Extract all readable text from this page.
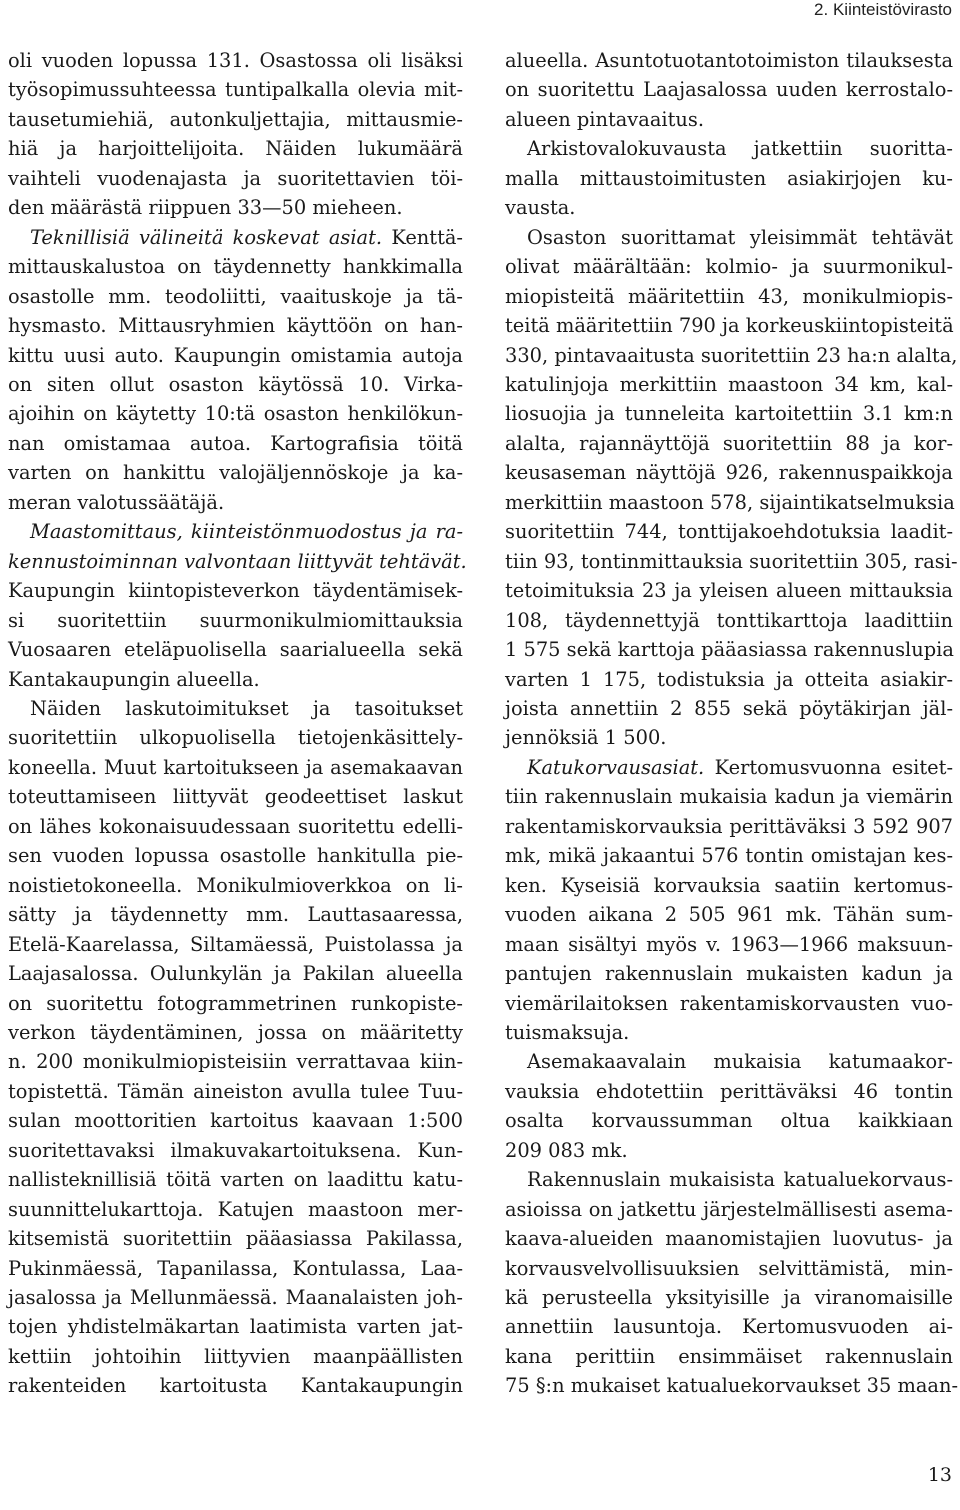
2. Kiinteistövirasto
oli vuoden lopussa 131. Osastossa oli lisäksi
työsopimussuhteessa tuntipalkalla olevia mit-
tausetumiehiä, autonkuljettajia, mittausmie-
hiä ja harjoittelijoita. Näiden lukumäärä
vaihteli vuodenajasta ja suoritettavien töi-
den määrästä riippuen 33—50 mieheen.
Teknillisiä välineitä koskevat asiat. Kenttä-
mittauskalustoa on täydennetty hankkimalla
osastolle mm. teodoliitti, vaaituskoje ja tä-
hysmasto. Mittausryhmien käyttöön on han-
kittu uusi auto. Kaupungin omistamia autoja
on siten ollut osaston käytössä 10. Virka-
ajoihin on käytetty 10:tä osaston henkilökun-
nan omistamaa autoa. Kartografisia töitä
varten on hankittu valojäljennöskoje ja ka-
meran valotussäätäjä.
Maastomittaus, kiinteistönmuodostus ja ra-
kennustoiminnan valvontaan liittyvät tehtävät.
Kaupungin kiintopisteverkon täydentämisek-
si suoritettiin suurmonikulmiomittauksia
Vuosaaren eteläpuolisella saarialueella sekä
Kantakaupungin alueella.
Näiden laskutoimitukset ja tasoitukset
suoritettiin ulkopuolisella tietojenkäsittely-
koneella. Muut kartoitukseen ja asemakaavan
toteuttamiseen liittyvät geodeettiset laskut
on lähes kokonaisuudessaan suoritettu edelli-
sen vuoden lopussa osastolle hankitulla pie-
noistietokoneella. Monikulmioverkkoa on li-
sätty ja täydennetty mm. Lauttasaaressa,
Etelä-Kaarelassa, Siltamäessä, Puistolassa ja
Laajasalossa. Oulunkylän ja Pakilan alueella
on suoritettu fotogrammetrinen runkopiste-
verkon täydentäminen, jossa on määritetty
n. 200 monikulmiopisteisiin verrattavaa kiin-
topistettä. Tämän aineiston avulla tulee Tuu-
sulan moottoritien kartoitus kaavaan 1:500
suoritettavaksi ilmakuvakartoituksena. Kun-
nallisteknillisiä töitä varten on laadittu katu-
suunnittelukarttoja. Katujen maastoon mer-
kitsemistä suoritettiin pääasiassa Pakilassa,
Pukinmäessä, Tapanilassa, Kontulassa, Laa-
jasalossa ja Mellunmäessä. Maanalaisten joh-
tojen yhdistelmäkartan laatimista varten jat-
kettiin johtoihin liittyvien maanpäällisten
rakenteiden kartoitusta Kantakaupungin
alueella. Asuntotuotantotoimiston tilauksesta
on suoritettu Laajasalossa uuden kerrostalo-
alueen pintavaaitus.
Arkistovalokuvausta jatkettiin suoritta-
malla mittaustoimitusten asiakirjojen ku-
vausta.
Osaston suorittamat yleisimmät tehtävät
olivat määrältään: kolmio- ja suurmonikul-
miopisteitä määritettiin 43, monikulmiopis-
teitä määritettiin 790 ja korkeuskiintopisteitä
330, pintavaaitusta suoritettiin 23 ha:n alalta,
katulinjoja merkittiin maastoon 34 km, kal-
liosuojia ja tunneleita kartoitettiin 3.1 km:n
alalta, rajannäyttöjä suoritettiin 88 ja kor-
keusaseman näyttöjä 926, rakennuspaikkoja
merkittiin maastoon 578, sijaintikatselmuksia
suoritettiin 744, tonttijakoehdotuksia laadit-
tiin 93, tontinmittauksia suoritettiin 305, rasi-
tetoimituksia 23 ja yleisen alueen mittauksia
108, täydennettyjä tonttikarttoja laadittiin
1 575 sekä karttoja pääasiassa rakennuslupia
varten 1 175, todistuksia ja otteita asiakir-
joista annettiin 2 855 sekä pöytäkirjan jäl-
jennöksiä 1 500.
Katukorvausasiat. Kertomusvuonna esitet-
tiin rakennuslain mukaisia kadun ja viemärin
rakentamiskorvauksia perittäväksi 3 592 907
mk, mikä jakaantui 576 tontin omistajan kes-
ken. Kyseisiä korvauksia saatiin kertomus-
vuoden aikana 2 505 961 mk. Tähän sum-
maan sisältyi myös v. 1963—1966 maksuun-
pantujen rakennuslain mukaisten kadun ja
viemärilaitoksen rakentamiskorvausten vuo-
tuismaksuja.
Asemakaavalain mukaisia katumaakor-
vauksia ehdotettiin perittäväksi 46 tontin
osalta korvaussumman oltua kaikkiaan
209 083 mk.
Rakennuslain mukaisista katualuekorvaus-
asioissa on jatkettu järjestelmällisesti asema-
kaava-alueiden maanomistajien luovutus- ja
korvausvelvollisuuksien selvittämistä, min-
kä perusteella yksityisille ja viranomaisille
annettiin lausuntoja. Kertomusvuoden ai-
kana perittiin ensimmäiset rakennuslain
75 §:n mukaiset katualuekorvaukset 35 maan-
13
